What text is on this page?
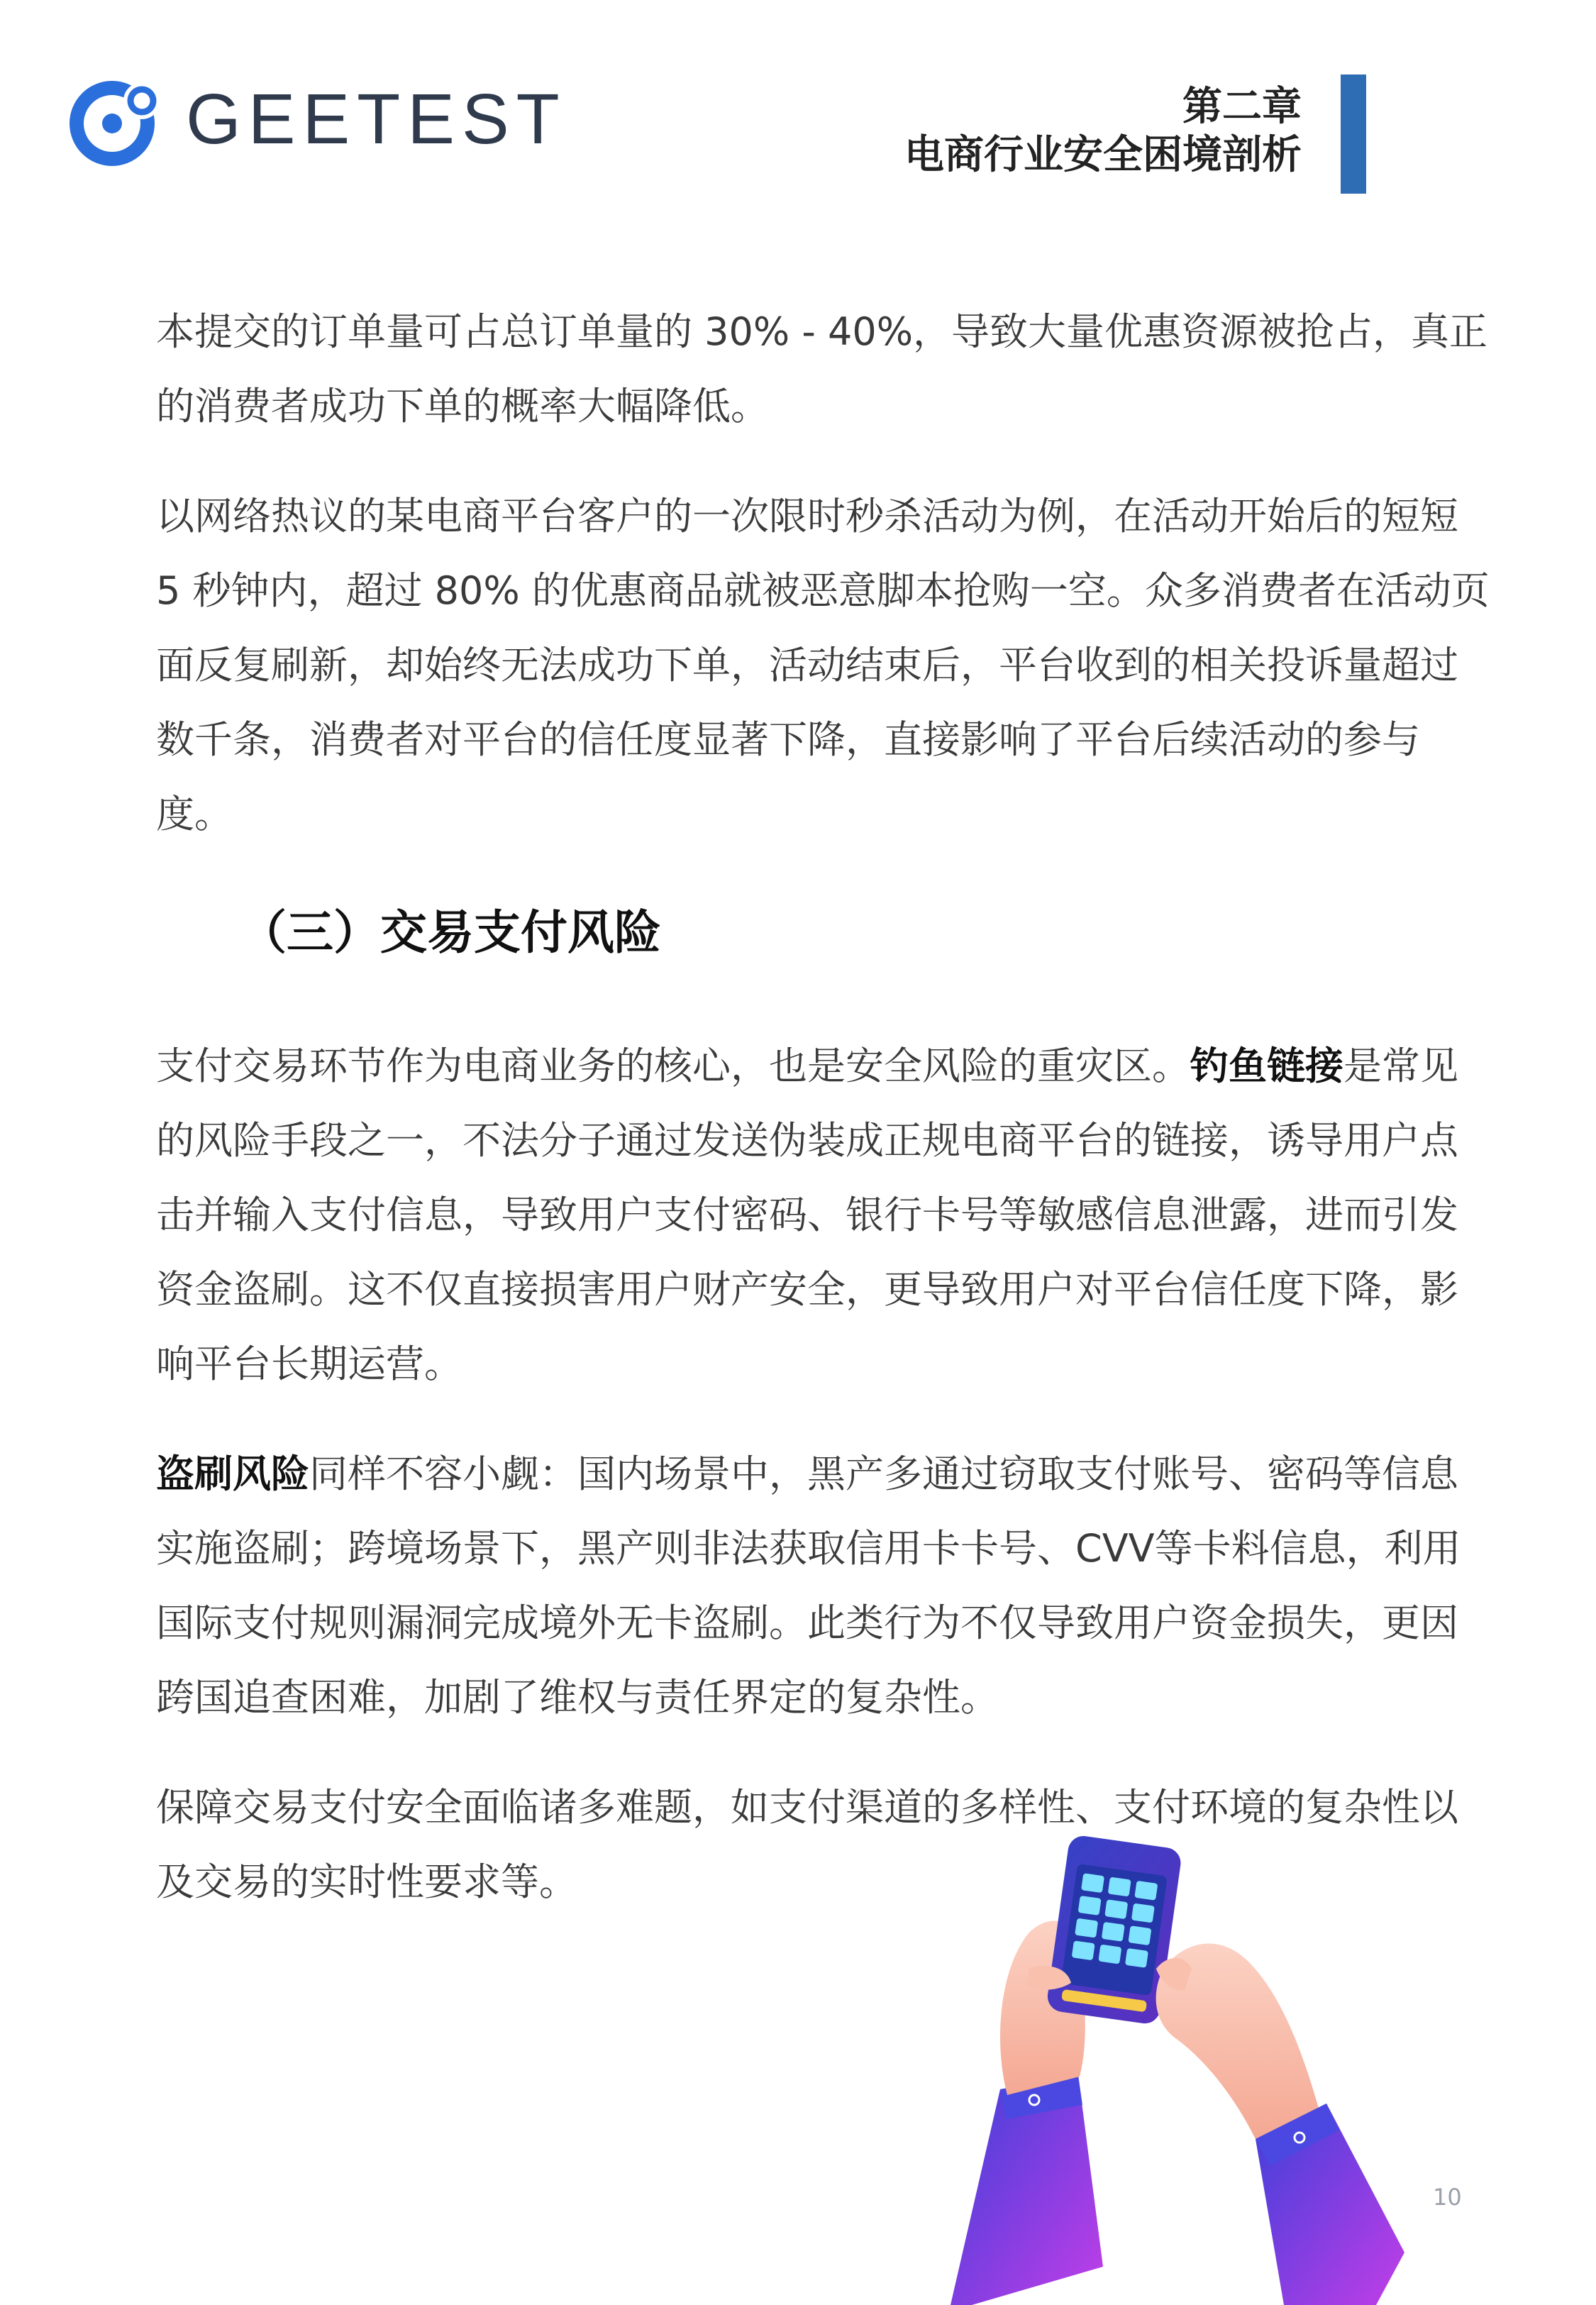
GEETEST	第二章
电商行业安全困境剖析

本提交的订单量可占总订单量的 30% - 40%，导致大量优惠资源被抢占，真正的消费者成功下单的概率大幅降低。

以网络热议的某电商平台客户的一次限时秒杀活动为例，在活动开始后的短短 5 秒钟内，超过 80% 的优惠商品就被恶意脚本抢购一空。众多消费者在活动页面反复刷新，却始终无法成功下单，活动结束后，平台收到的相关投诉量超过数千条，消费者对平台的信任度显著下降，直接影响了平台后续活动的参与度。

（三）交易支付风险

支付交易环节作为电商业务的核心，也是安全风险的重灾区。钓鱼链接是常见的风险手段之一，不法分子通过发送伪装成正规电商平台的链接，诱导用户点击并输入支付信息，导致用户支付密码、银行卡号等敏感信息泄露，进而引发资金盗刷。这不仅直接损害用户财产安全，更导致用户对平台信任度下降，影响平台长期运营。

盗刷风险同样不容小觑：国内场景中，黑产多通过窃取支付账号、密码等信息实施盗刷；跨境场景下，黑产则非法获取信用卡卡号、CVV等卡料信息，利用国际支付规则漏洞完成境外无卡盗刷。此类行为不仅导致用户资金损失，更因跨国追查困难，加剧了维权与责任界定的复杂性。

保障交易支付安全面临诸多难题，如支付渠道的多样性、支付环境的复杂性以及交易的实时性要求等。

10
